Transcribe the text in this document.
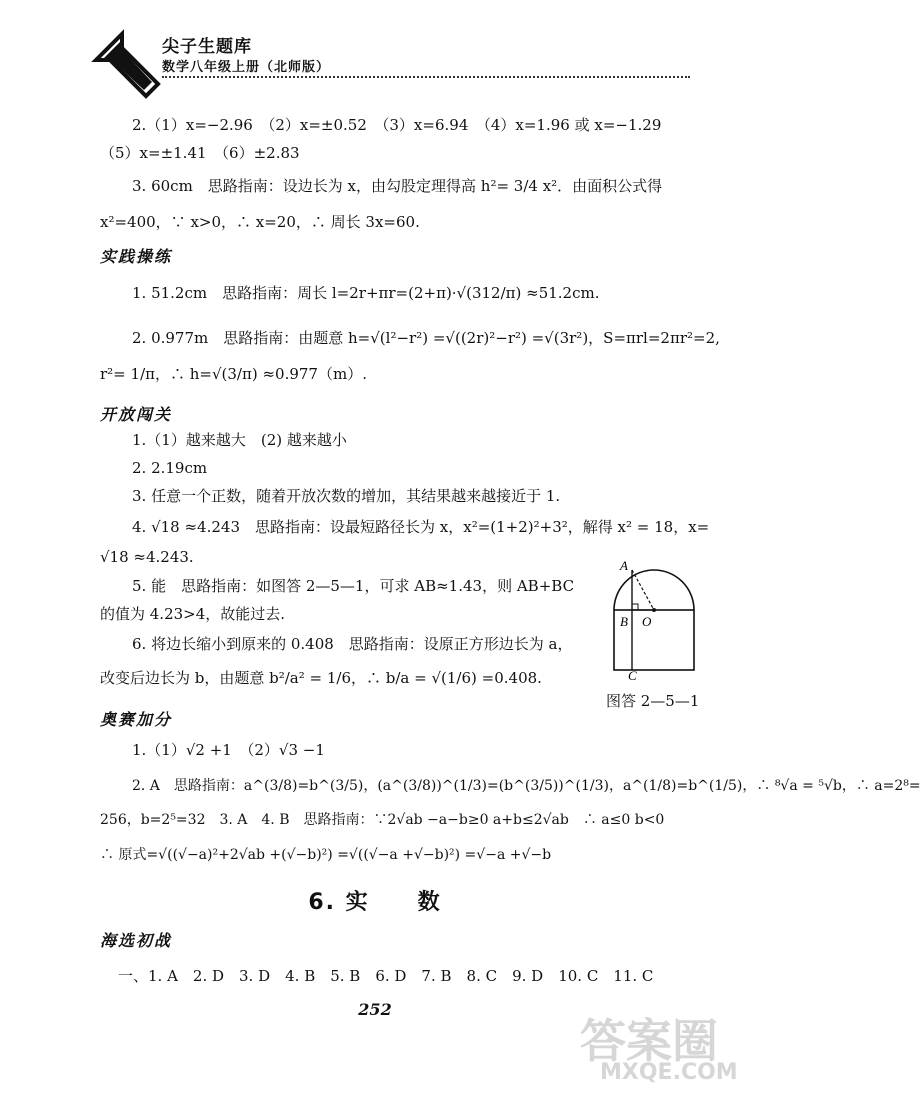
尖子生题库
数学八年级上册（北师版）
2.（1）x=−2.96　（2）x=±0.52　（3）x=6.94　（4）x=1.96 或 x=−1.29
（5）x=±1.41　（6）±2.83
3. 60cm　思路指南：设边长为 x，由勾股定理得高 h²= 3/4 x²．由面积公式得
x²=400，∵ x>0，∴ x=20，∴ 周长 3x=60.
实践操练
1. 51.2cm　思路指南：周长 l=2r+πr=(2+π)·√(312/π) ≈51.2cm.
2. 0.977m　思路指南：由题意 h=√(l²−r²) =√((2r)²−r²) =√(3r²)，S=πrl=2πr²=2,
r²= 1/π，∴ h=√(3/π) ≈0.977（m）.
开放闯关
1.（1）越来越大　(2) 越来越小
2. 2.19cm
3. 任意一个正数，随着开放次数的增加，其结果越来越接近于 1.
4. √18 ≈4.243　思路指南：设最短路径长为 x，x²=(1+2)²+3²，解得 x² = 18，x=
√18 ≈4.243.
5. 能　思路指南：如图答 2—5—1，可求 AB≈1.43，则 AB+BC
的值为 4.23>4，故能过去.
6. 将边长缩小到原来的 0.408　思路指南：设原正方形边长为 a，
改变后边长为 b，由题意 b²/a² = 1/6，∴ b/a = √(1/6) =0.408.
A
B O
C
图答 2—5—1
奥赛加分
1.（1）√2 +1　（2）√3 −1
2. A　思路指南：a^(3/8)=b^(3/5)，(a^(3/8))^(1/3)=(b^(3/5))^(1/3)，a^(1/8)=b^(1/5)，∴ ⁸√a = ⁵√b，∴ a=2⁸=
256，b=2⁵=32　3. A　4. B　思路指南：∵2√ab −a−b≥0 a+b≤2√ab　∴ a≤0 b<0
∴ 原式=√((√−a)²+2√ab +(√−b)²) =√((√−a +√−b)²) =√−a +√−b
6. 实　　数
海选初战
一、1. A　2. D　3. D　4. B　5. B　6. D　7. B　8. C　9. D　10. C　11. C
252
答案圈
MXQE.COM
